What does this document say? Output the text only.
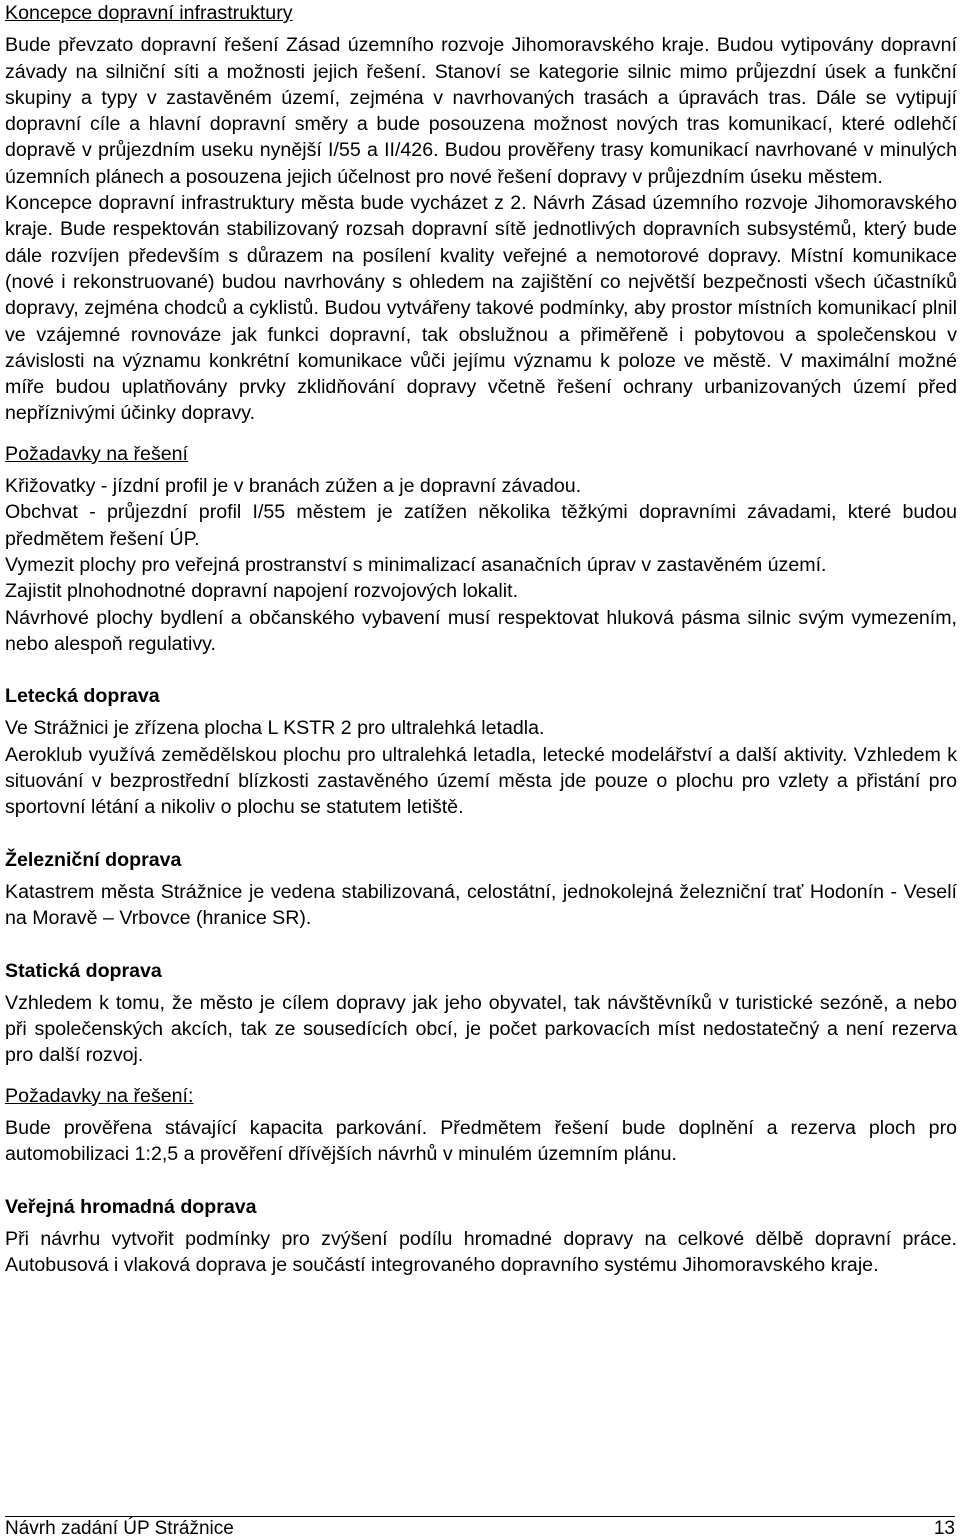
Koncepce dopravní infrastruktury

Bude převzato dopravní řešení Zásad územního rozvoje Jihomoravského kraje. Budou vytipovány dopravní závady na silniční síti a možnosti jejich řešení. Stanoví se kategorie silnic mimo průjezdní úsek a funkční skupiny a typy v zastavěném území, zejména v navrhovaných trasách a úpravách tras. Dále se vytipují dopravní cíle a hlavní dopravní směry a bude posouzena možnost nových tras komunikací, které odlehčí dopravě v průjezdním useku nynější I/55 a II/426. Budou prověřeny trasy komunikací navrhované v minulých územních plánech a posouzena jejich účelnost pro nové řešení dopravy v průjezdním úseku městem.

Koncepce dopravní infrastruktury města bude vycházet z 2. Návrh Zásad územního rozvoje Jihomoravského kraje. Bude respektován stabilizovaný rozsah dopravní sítě jednotlivých dopravních subsystémů, který bude dále rozvíjen především s důrazem na posílení kvality veřejné a nemotorové dopravy. Místní komunikace (nové i rekonstruované) budou navrhovány s ohledem na zajištění co největší bezpečnosti všech účastníků dopravy, zejména chodců a cyklistů. Budou vytvářeny takové podmínky, aby prostor místních komunikací plnil ve vzájemné rovnováze jak funkci dopravní, tak obslužnou a přiměřeně i pobytovou a společenskou v závislosti na významu konkrétní komunikace vůči jejímu významu k poloze ve městě. V maximální možné míře budou uplatňovány prvky zklidňování dopravy včetně řešení ochrany urbanizovaných území před nepříznivými účinky dopravy.

Požadavky na řešení

Křižovatky - jízdní profil je v branách zúžen a je dopravní závadou.

Obchvat - průjezdní profil I/55 městem je zatížen několika těžkými dopravními závadami, které budou předmětem řešení ÚP.

Vymezit plochy pro veřejná prostranství s minimalizací asanačních úprav v zastavěném území.

Zajistit plnohodnotné dopravní napojení rozvojových lokalit.

Návrhové plochy bydlení a občanského vybavení musí respektovat hluková pásma silnic svým vymezením, nebo alespoň regulativy.

Letecká doprava

Ve Strážnici je zřízena plocha L KSTR 2 pro ultralehká letadla.

Aeroklub využívá zemědělskou plochu pro ultralehká letadla, letecké modelářství a další aktivity. Vzhledem k situování v bezprostřední blízkosti zastavěného území města jde pouze o plochu pro vzlety a přistání pro sportovní létání a nikoliv o plochu se statutem letiště.

Železniční doprava

Katastrem města Strážnice je vedena stabilizovaná, celostátní, jednokolejná železniční trať Hodonín - Veselí na Moravě – Vrbovce (hranice SR).

Statická doprava

Vzhledem k tomu, že město je cílem dopravy jak jeho obyvatel, tak návštěvníků v turistické sezóně, a nebo při společenských akcích, tak ze sousedících obcí, je počet parkovacích míst nedostatečný a není rezerva pro další rozvoj.

Požadavky na řešení:

Bude prověřena stávající kapacita parkování. Předmětem řešení bude doplnění a rezerva ploch pro automobilizaci 1:2,5 a prověření dřívějších návrhů v minulém územním plánu.

Veřejná hromadná doprava

Při návrhu vytvořit podmínky pro zvýšení podílu hromadné dopravy na celkové dělbě dopravní práce. Autobusová i vlaková doprava je součástí integrovaného dopravního systému Jihomoravského kraje.

Návrh zadání ÚP Strážnice	13
